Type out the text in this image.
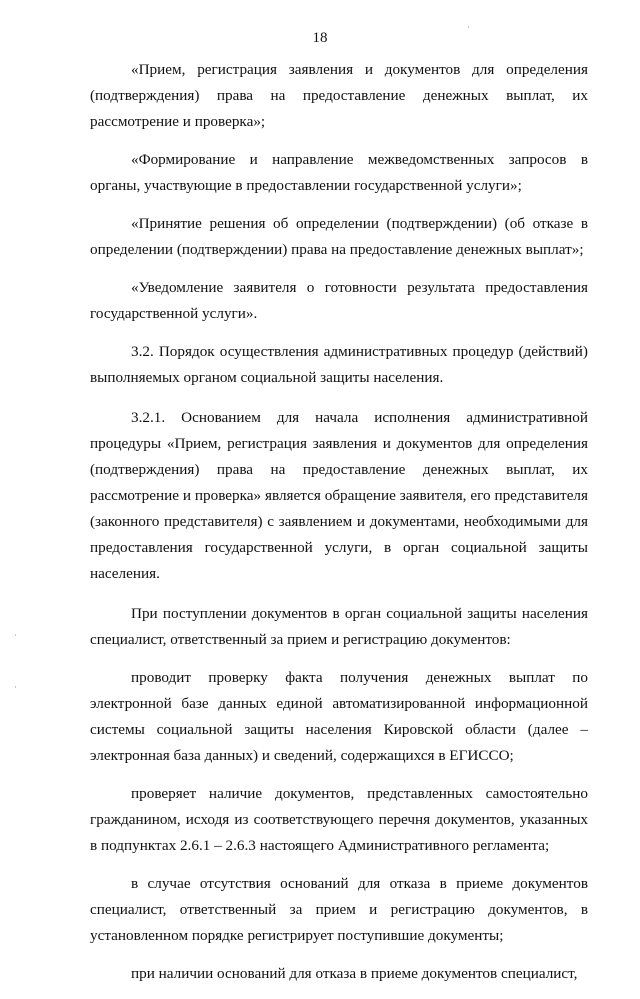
18

«Прием, регистрация заявления и документов для определения (подтверждения) права на предоставление денежных выплат, их рассмотрение и проверка»;

«Формирование и направление межведомственных запросов в органы, участвующие в предоставлении государственной услуги»;

«Принятие решения об определении (подтверждении) (об отказе в определении (подтверждении) права на предоставление денежных выплат»;

«Уведомление заявителя о готовности результата предоставления государственной услуги».

3.2. Порядок осуществления административных процедур (действий) выполняемых органом социальной защиты населения.

3.2.1. Основанием для начала исполнения административной процедуры «Прием, регистрация заявления и документов для определения (подтверждения) права на предоставление денежных выплат, их рассмотрение и проверка» является обращение заявителя, его представителя (законного представителя) с заявлением и документами, необходимыми для предоставления государственной услуги, в орган социальной защиты населения.

При поступлении документов в орган социальной защиты населения специалист, ответственный за прием и регистрацию документов:

проводит проверку факта получения денежных выплат по электронной базе данных единой автоматизированной информационной системы социальной защиты населения Кировской области (далее – электронная база данных) и сведений, содержащихся в ЕГИССО;

проверяет наличие документов, представленных самостоятельно гражданином, исходя из соответствующего перечня документов, указанных в подпунктах 2.6.1 – 2.6.3 настоящего Административного регламента;

в случае отсутствия оснований для отказа в приеме документов специалист, ответственный за прием и регистрацию документов, в установленном порядке регистрирует поступившие документы;

при наличии оснований для отказа в приеме документов специалист,

·
·
·
